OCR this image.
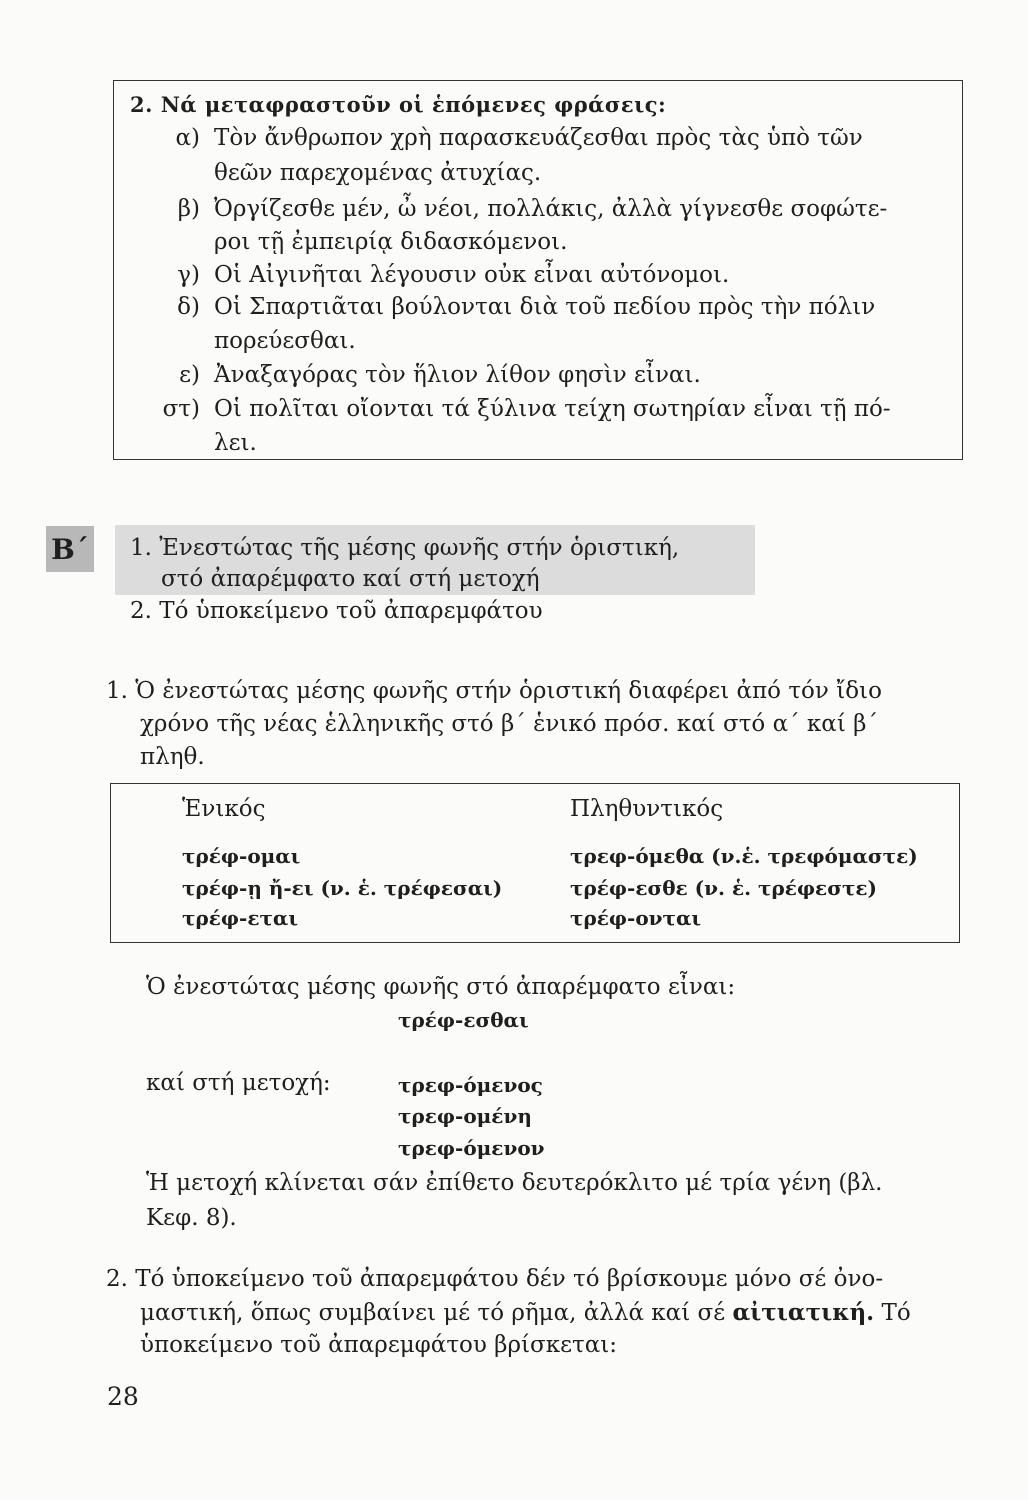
2. Νά μεταφραστοῦν οἱ ἑπόμενες φράσεις:
α) Τὸν ἄνθρωπον χρὴ παρασκευάζεσθαι πρὸς τὰς ὑπὸ τῶν
θεῶν παρεχομένας ἀτυχίας.
β) Ὀργίζεσθε μέν, ὦ νέοι, πολλάκις, ἀλλὰ γίγνεσθε σοφώτε-
ροι τῇ ἐμπειρίᾳ διδασκόμενοι.
γ) Οἱ Αἰγινῆται λέγουσιν οὐκ εἶναι αὐτόνομοι.
δ) Οἱ Σπαρτιᾶται βούλονται διὰ τοῦ πεδίου πρὸς τὴν πόλιν
πορεύεσθαι.
ε) Ἀναξαγόρας τὸν ἥλιον λίθον φησὶν εἶναι.
στ) Οἱ πολῖται οἴονται τά ξύλινα τείχη σωτηρίαν εἶναι τῇ πό-
λει.
Β΄ 1. Ἐνεστώτας τῆς μέσης φωνῆς στήν ὁριστική,
στό ἀπαρέμφατο καί στή μετοχή
2. Τό ὑποκείμενο τοῦ ἀπαρεμφάτου
1. Ὁ ἐνεστώτας μέσης φωνῆς στήν ὁριστική διαφέρει ἀπό τόν ἴδιο
χρόνο τῆς νέας ἑλληνικῆς στό β΄ ἑνικό πρόσ. καί στό α΄ καί β΄
πληθ.
Ἑνικός	Πληθυντικός
τρέφ-ομαι
τρέφ-ῃ ἤ-ει (ν. ἑ. τρέφεσαι)
τρέφ-εται
τρεφ-όμεθα (ν.ἑ. τρεφόμαστε)
τρέφ-εσθε (ν. ἑ. τρέφεστε)
τρέφ-ονται
Ὁ ἐνεστώτας μέσης φωνῆς στό ἀπαρέμφατο εἶναι:
τρέφ-εσθαι
καί στή μετοχή:	τρεφ-όμενος
τρεφ-ομένη
τρεφ-όμενον
Ἡ μετοχή κλίνεται σάν ἐπίθετο δευτερόκλιτο μέ τρία γένη (βλ.
Κεφ. 8).
2. Τό ὑποκείμενο τοῦ ἀπαρεμφάτου δέν τό βρίσκουμε μόνο σέ ὀνο-
μαστική, ὅπως συμβαίνει μέ τό ρῆμα, ἀλλά καί σέ αἰτιατική. Τό
ὑποκείμενο τοῦ ἀπαρεμφάτου βρίσκεται:
28
